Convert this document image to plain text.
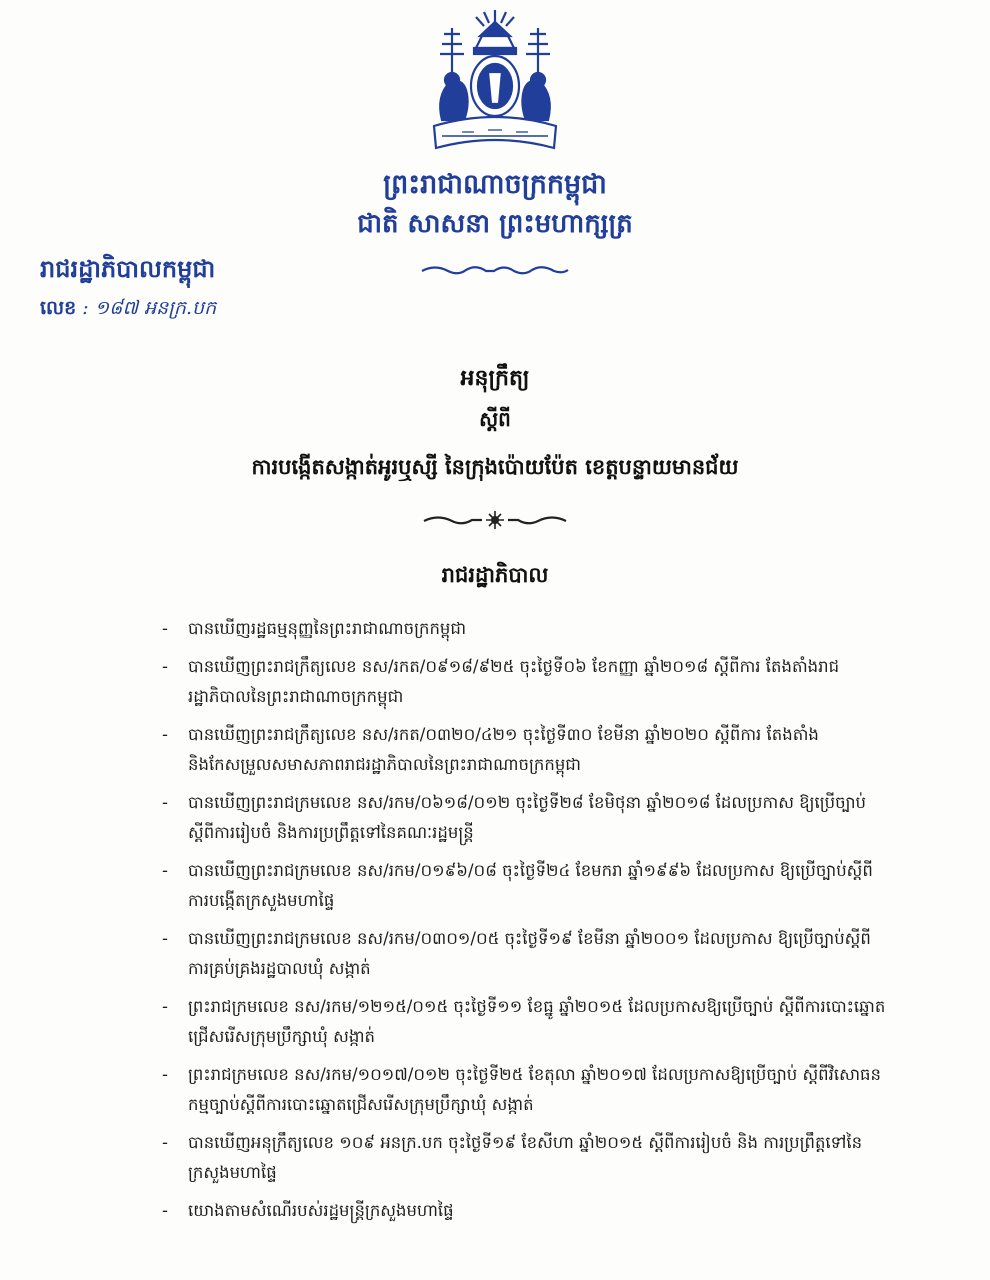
ព្រះរាជាណាចក្រកម្ពុជា
ជាតិ សាសនា ព្រះមហាក្សត្រ
រាជរដ្ឋាភិបាលកម្ពុជា
លេខ : ១៨៧ អនក្រ.បក
អនុក្រឹត្យ
ស្តីពី
ការបង្កើតសង្កាត់អូរឬស្សី នៃក្រុងប៉ោយប៉ែត ខេត្តបន្ទាយមានជ័យ
រាជរដ្ឋាភិបាល
- បានឃើញរដ្ឋធម្មនុញ្ញនៃព្រះរាជាណាចក្រកម្ពុជា
- បានឃើញព្រះរាជក្រឹត្យលេខ នស/រកត/០៩១៨/៩២៥ ចុះថ្ងៃទី០៦ ខែកញ្ញា ឆ្នាំ២០១៨ ស្តីពីការ តែងតាំងរាជរដ្ឋាភិបាលនៃព្រះរាជាណាចក្រកម្ពុជា
- បានឃើញព្រះរាជក្រឹត្យលេខ នស/រកត/០៣២០/៤២១ ចុះថ្ងៃទី៣០ ខែមីនា ឆ្នាំ២០២០ ស្តីពីការ តែងតាំង និងកែសម្រួលសមាសភាពរាជរដ្ឋាភិបាលនៃព្រះរាជាណាចក្រកម្ពុជា
- បានឃើញព្រះរាជក្រមលេខ នស/រកម/០៦១៨/០១២ ចុះថ្ងៃទី២៨ ខែមិថុនា ឆ្នាំ២០១៨ ដែលប្រកាស ឱ្យប្រើច្បាប់ស្តីពីការរៀបចំ និងការប្រព្រឹត្តទៅនៃគណៈរដ្ឋមន្ត្រី
- បានឃើញព្រះរាជក្រមលេខ នស/រកម/០១៩៦/០៨ ចុះថ្ងៃទី២៤ ខែមករា ឆ្នាំ១៩៩៦ ដែលប្រកាស ឱ្យប្រើច្បាប់ស្តីពីការបង្កើតក្រសួងមហាផ្ទៃ
- បានឃើញព្រះរាជក្រមលេខ នស/រកម/០៣០១/០៥ ចុះថ្ងៃទី១៩ ខែមីនា ឆ្នាំ២០០១ ដែលប្រកាស ឱ្យប្រើច្បាប់ស្តីពីការគ្រប់គ្រងរដ្ឋបាលឃុំ សង្កាត់
- ព្រះរាជក្រមលេខ នស/រកម/១២១៥/០១៥ ចុះថ្ងៃទី១១ ខែធ្នូ ឆ្នាំ២០១៥ ដែលប្រកាសឱ្យប្រើច្បាប់ ស្តីពីការបោះឆ្នោតជ្រើសរើសក្រុមប្រឹក្សាឃុំ សង្កាត់
- ព្រះរាជក្រមលេខ នស/រកម/១០១៧/០១២ ចុះថ្ងៃទី២៥ ខែតុលា ឆ្នាំ២០១៧ ដែលប្រកាសឱ្យប្រើច្បាប់ ស្តីពីវិសោធនកម្មច្បាប់ស្តីពីការបោះឆ្នោតជ្រើសរើសក្រុមប្រឹក្សាឃុំ សង្កាត់
- បានឃើញអនុក្រឹត្យលេខ ១០៩ អនក្រ.បក ចុះថ្ងៃទី១៩ ខែសីហា ឆ្នាំ២០១៥ ស្តីពីការរៀបចំ និង ការប្រព្រឹត្តទៅនៃក្រសួងមហាផ្ទៃ
- យោងតាមសំណើរបស់រដ្ឋមន្ត្រីក្រសួងមហាផ្ទៃ
